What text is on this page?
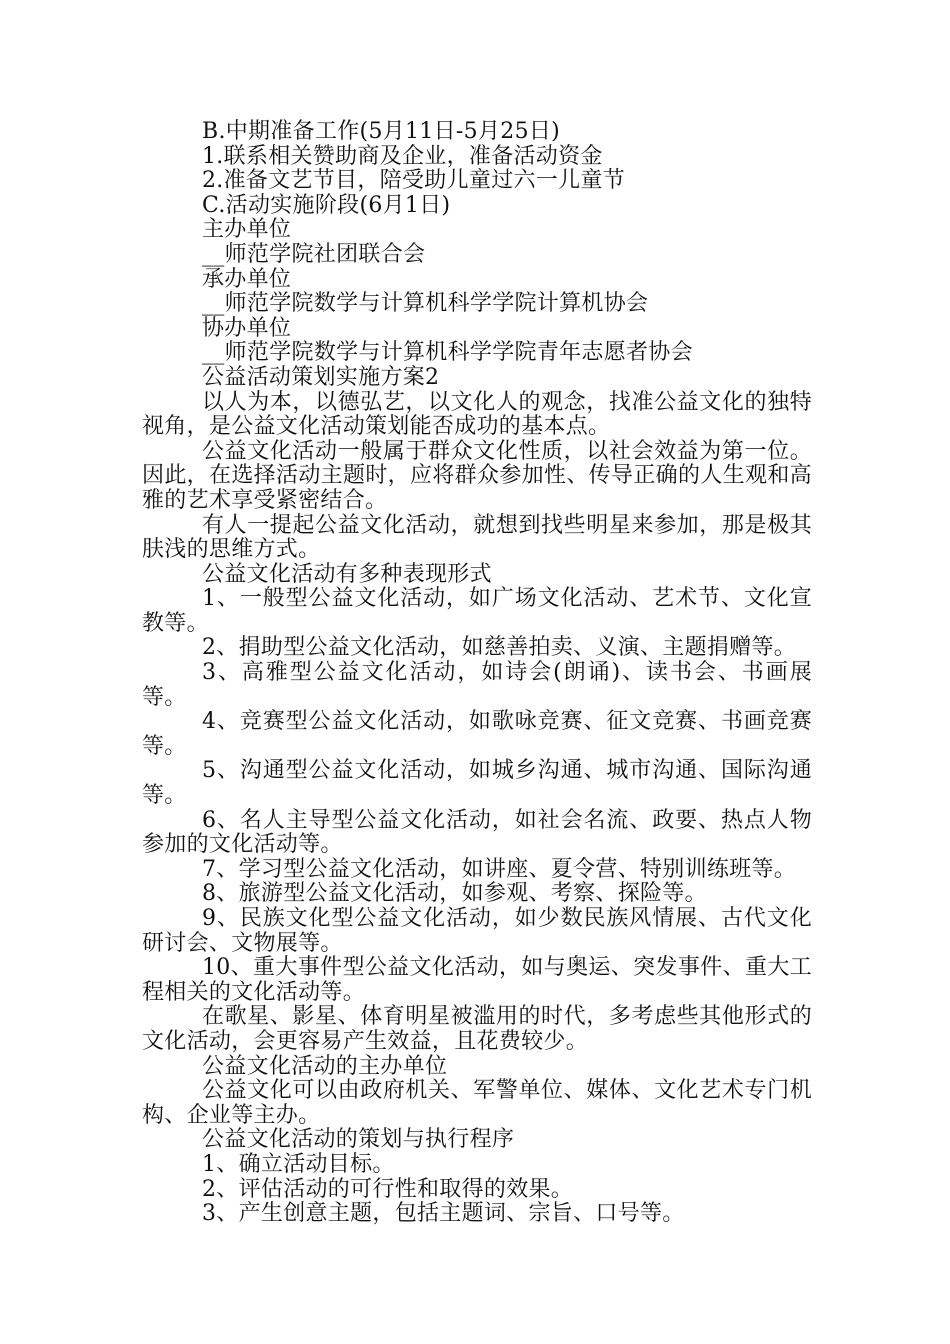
B.中期准备工作(5月11日-5月25日)

1.联系相关赞助商及企业，准备活动资金

2.准备文艺节目，陪受助儿童过六一儿童节

C.活动实施阶段(6月1日)

主办单位

__师范学院社团联合会

承办单位

__师范学院数学与计算机科学学院计算机协会

协办单位

__师范学院数学与计算机科学学院青年志愿者协会

公益活动策划实施方案2

以人为本，以德弘艺，以文化人的观念，找准公益文化的独特视角，是公益文化活动策划能否成功的基本点。

公益文化活动一般属于群众文化性质，以社会效益为第一位。因此，在选择活动主题时，应将群众参加性、传导正确的人生观和高雅的艺术享受紧密结合。

有人一提起公益文化活动，就想到找些明星来参加，那是极其肤浅的思维方式。

公益文化活动有多种表现形式

1、一般型公益文化活动，如广场文化活动、艺术节、文化宣教等。

2、捐助型公益文化活动，如慈善拍卖、义演、主题捐赠等。

3、高雅型公益文化活动，如诗会(朗诵)、读书会、书画展等。

4、竞赛型公益文化活动，如歌咏竞赛、征文竞赛、书画竞赛等。

5、沟通型公益文化活动，如城乡沟通、城市沟通、国际沟通等。

6、名人主导型公益文化活动，如社会名流、政要、热点人物参加的文化活动等。

7、学习型公益文化活动，如讲座、夏令营、特别训练班等。

8、旅游型公益文化活动，如参观、考察、探险等。

9、民族文化型公益文化活动，如少数民族风情展、古代文化研讨会、文物展等。

10、重大事件型公益文化活动，如与奥运、突发事件、重大工程相关的文化活动等。

在歌星、影星、体育明星被滥用的时代，多考虑些其他形式的文化活动，会更容易产生效益，且花费较少。

公益文化活动的主办单位

公益文化可以由政府机关、军警单位、媒体、文化艺术专门机构、企业等主办。

公益文化活动的策划与执行程序

1、确立活动目标。

2、评估活动的可行性和取得的效果。

3、产生创意主题，包括主题词、宗旨、口号等。
